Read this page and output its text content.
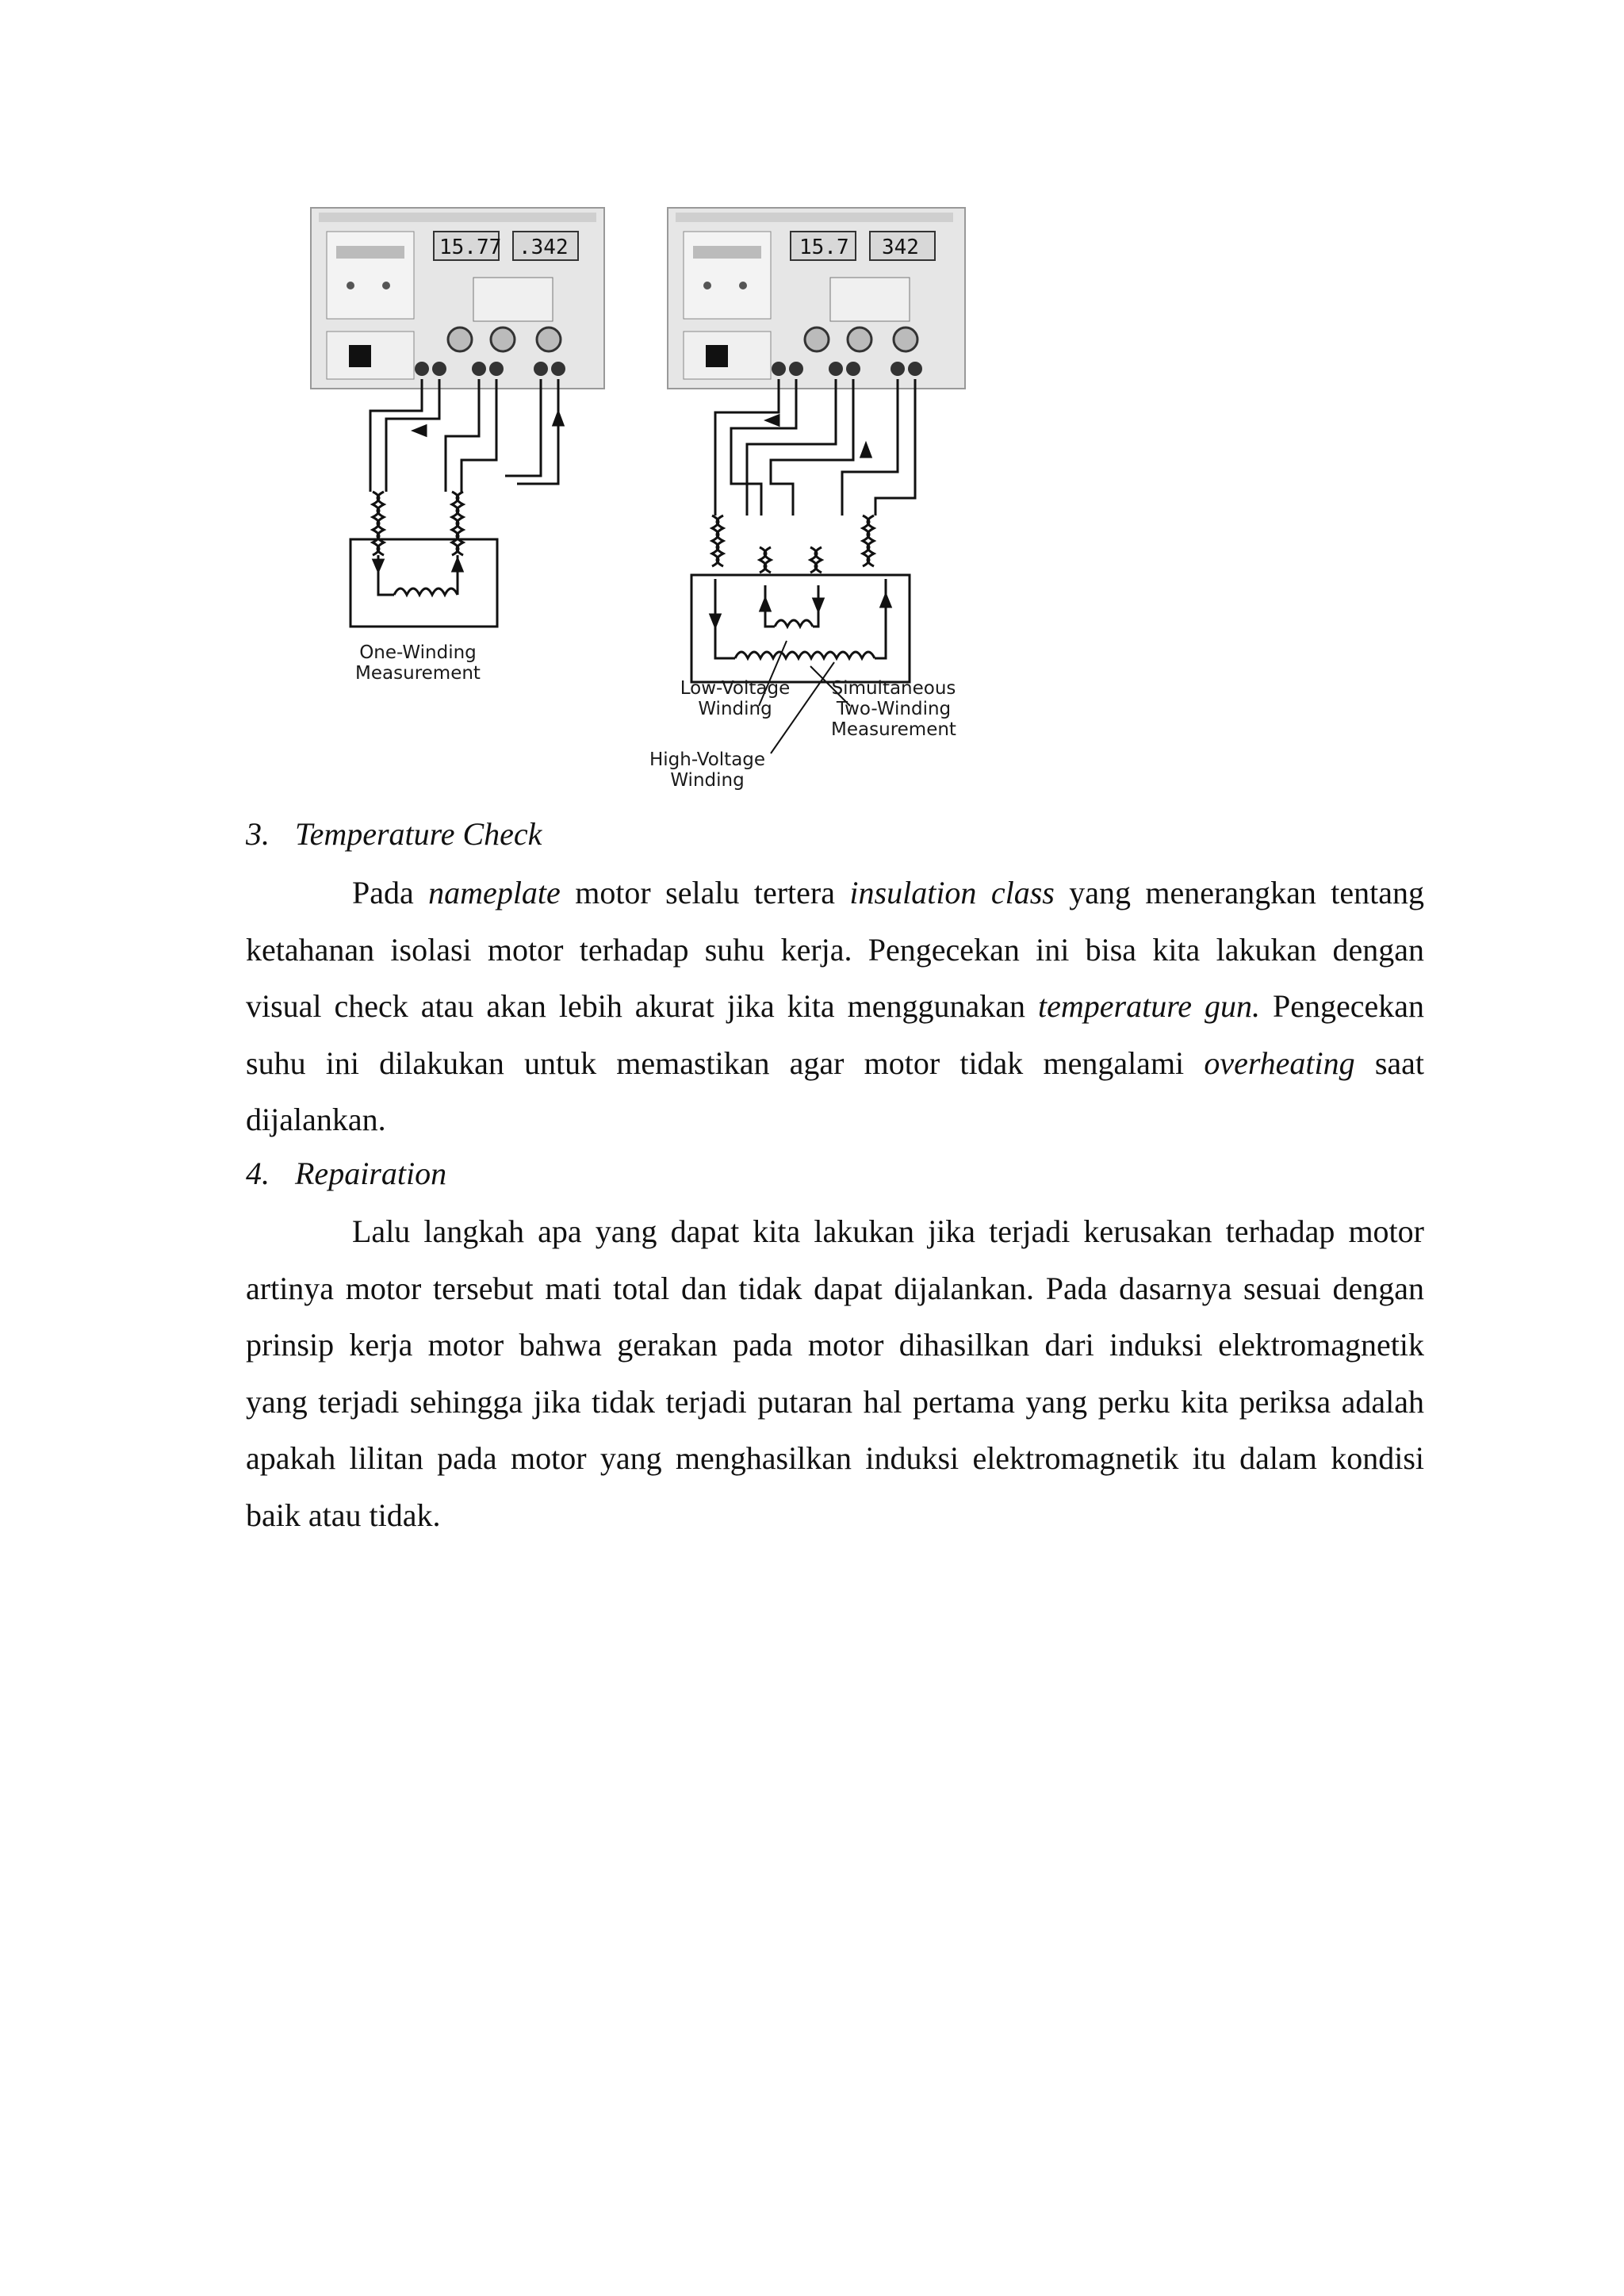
15.77 .342
One-Winding
Measurement
15.7 342
Low-Voltage
Winding
Simultaneous
Two-Winding
Measurement
High-Voltage
Winding
3. Temperature Check
Pada nameplate motor selalu tertera insulation class yang menerangkan tentang
ketahanan isolasi motor terhadap suhu kerja. Pengecekan ini bisa kita lakukan dengan
visual check atau akan lebih akurat jika kita menggunakan temperature gun. Pengecekan
suhu ini dilakukan untuk memastikan agar motor tidak mengalami overheating saat
dijalankan.
4. Repairation
Lalu langkah apa yang dapat kita lakukan jika terjadi kerusakan terhadap motor
artinya motor tersebut mati total dan tidak dapat dijalankan. Pada dasarnya sesuai dengan
prinsip kerja motor bahwa gerakan pada motor dihasilkan dari induksi elektromagnetik
yang terjadi sehingga jika tidak terjadi putaran hal pertama yang perku kita periksa adalah
apakah lilitan pada motor yang menghasilkan induksi elektromagnetik itu dalam kondisi
baik atau tidak.
